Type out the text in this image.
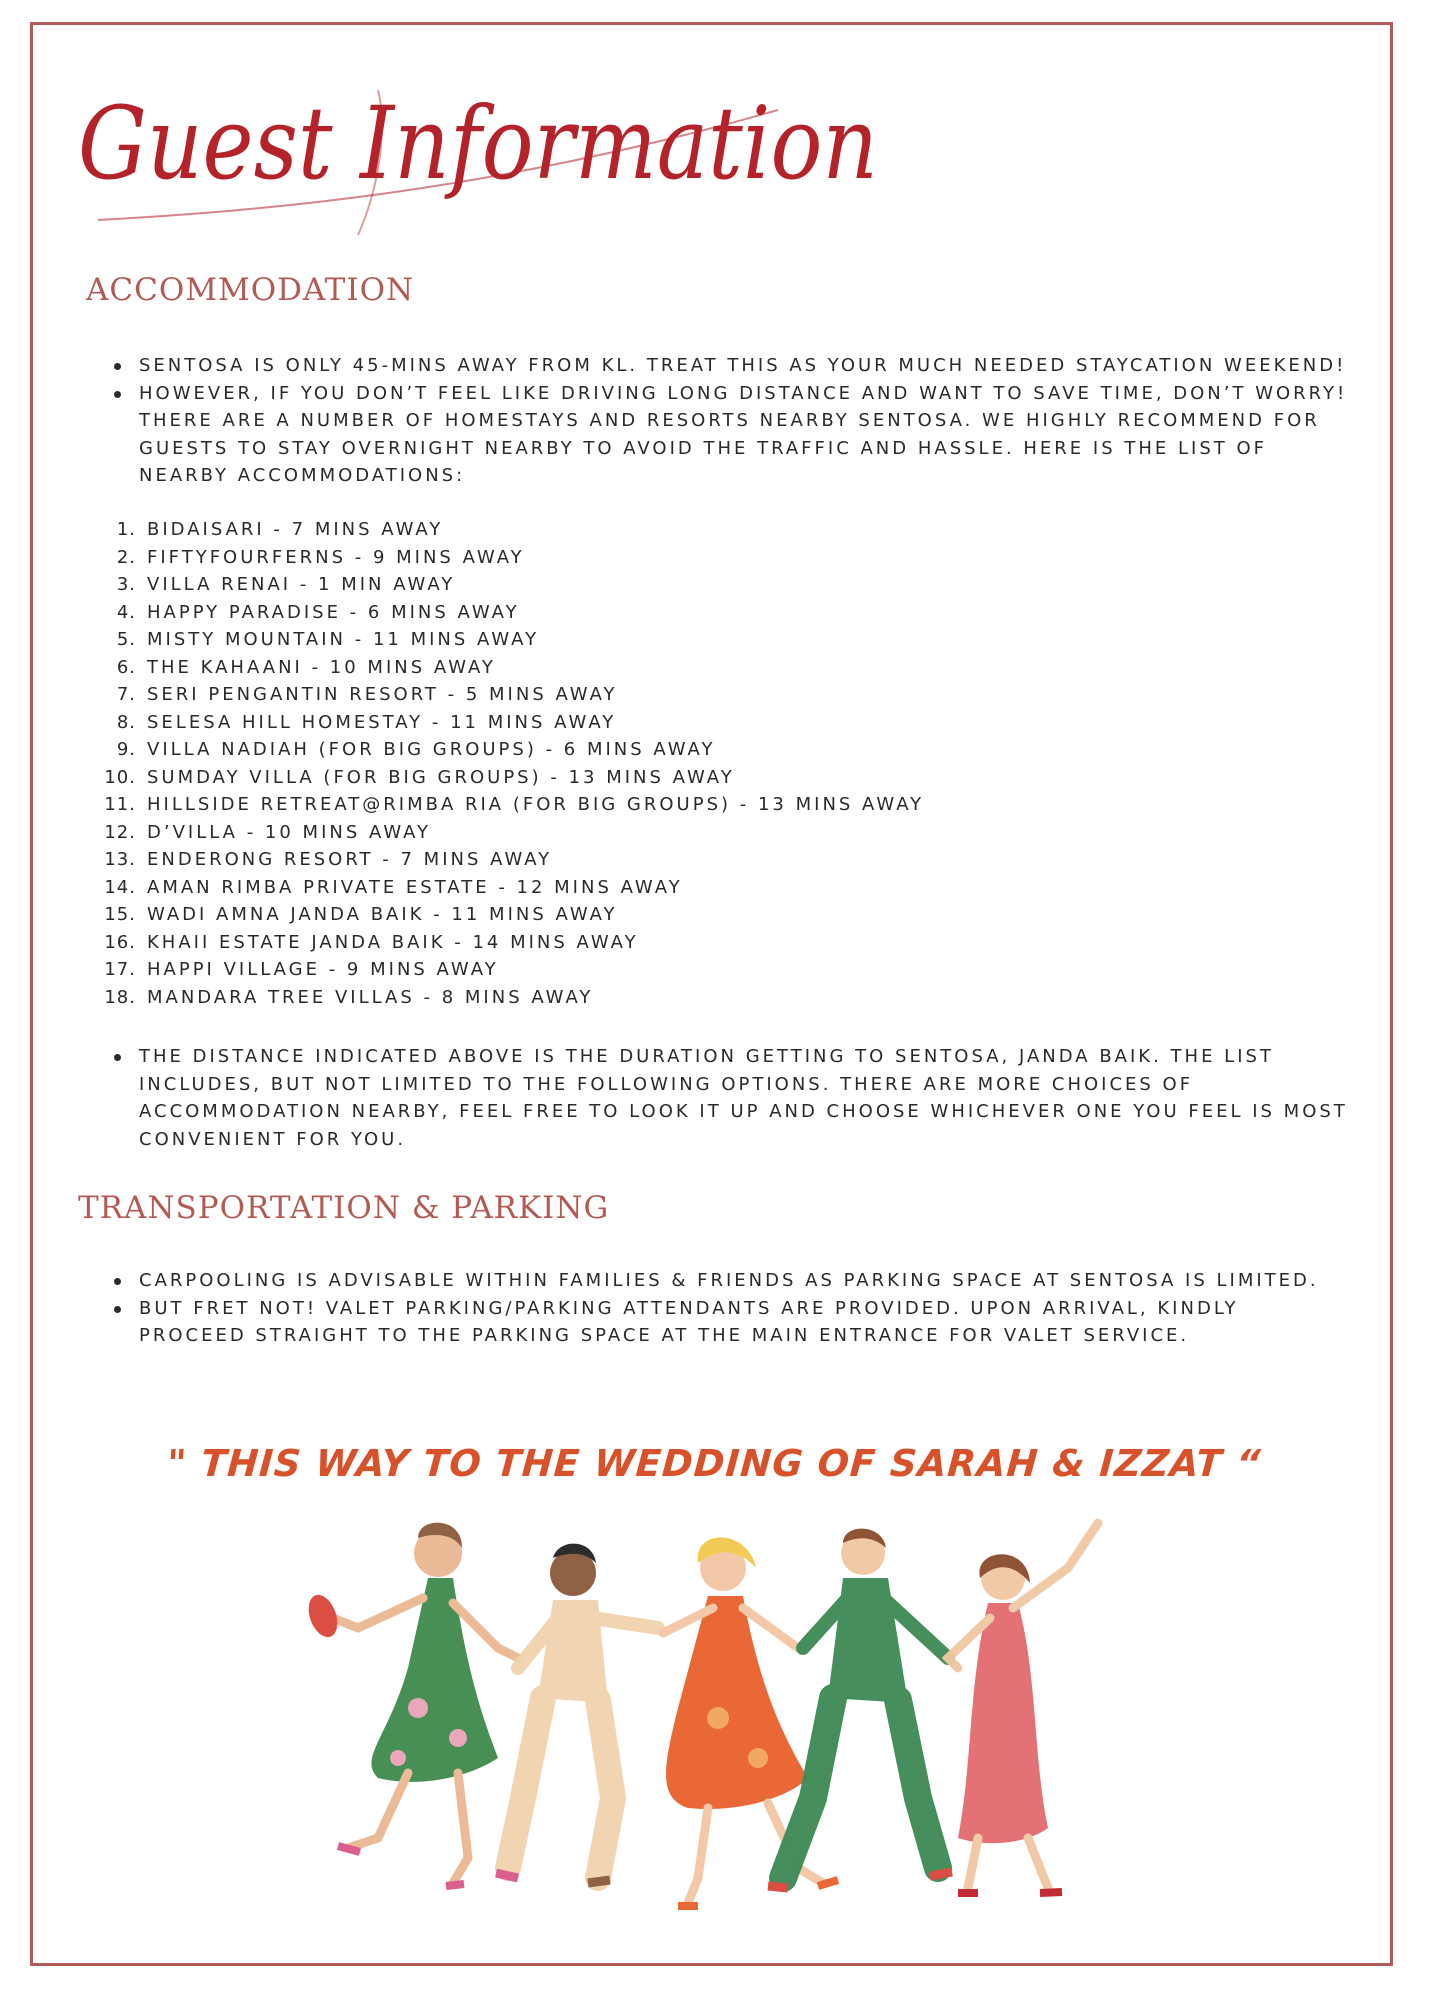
Guest Information
ACCOMMODATION
SENTOSA IS ONLY 45-MINS AWAY FROM KL. TREAT THIS AS YOUR MUCH NEEDED STAYCATION WEEKEND!
HOWEVER, IF YOU DON’T FEEL LIKE DRIVING LONG DISTANCE AND WANT TO SAVE TIME, DON’T WORRY! THERE ARE A NUMBER OF HOMESTAYS AND RESORTS NEARBY SENTOSA. WE HIGHLY RECOMMEND FOR GUESTS TO STAY OVERNIGHT NEARBY TO AVOID THE TRAFFIC AND HASSLE. HERE IS THE LIST OF NEARBY ACCOMMODATIONS:
1. BIDAISARI - 7 MINS AWAY
2. FIFTYFOURFERNS - 9 MINS AWAY
3. VILLA RENAI - 1 MIN AWAY
4. HAPPY PARADISE - 6 MINS AWAY
5. MISTY MOUNTAIN - 11 MINS AWAY
6. THE KAHAANI - 10 MINS AWAY
7. SERI PENGANTIN RESORT - 5 MINS AWAY
8. SELESA HILL HOMESTAY - 11 MINS AWAY
9. VILLA NADIAH (FOR BIG GROUPS) - 6 MINS AWAY
10. SUMDAY VILLA (FOR BIG GROUPS) - 13 MINS AWAY
11. HILLSIDE RETREAT@RIMBA RIA (FOR BIG GROUPS) - 13 MINS AWAY
12. D’VILLA - 10 MINS AWAY
13. ENDERONG RESORT - 7 MINS AWAY
14. AMAN RIMBA PRIVATE ESTATE - 12 MINS AWAY
15. WADI AMNA JANDA BAIK - 11 MINS AWAY
16. KHAII ESTATE JANDA BAIK - 14 MINS AWAY
17. HAPPI VILLAGE - 9 MINS AWAY
18. MANDARA TREE VILLAS - 8 MINS AWAY
THE DISTANCE INDICATED ABOVE IS THE DURATION GETTING TO SENTOSA, JANDA BAIK. THE LIST INCLUDES, BUT NOT LIMITED TO THE FOLLOWING OPTIONS. THERE ARE MORE CHOICES OF ACCOMMODATION NEARBY, FEEL FREE TO LOOK IT UP AND CHOOSE WHICHEVER ONE YOU FEEL IS MOST CONVENIENT FOR YOU.
TRANSPORTATION & PARKING
CARPOOLING IS ADVISABLE WITHIN FAMILIES & FRIENDS AS PARKING SPACE AT SENTOSA IS LIMITED.
BUT FRET NOT! VALET PARKING/PARKING ATTENDANTS ARE PROVIDED. UPON ARRIVAL, KINDLY PROCEED STRAIGHT TO THE PARKING SPACE AT THE MAIN ENTRANCE FOR VALET SERVICE.

" THIS WAY TO THE WEDDING OF SARAH & IZZAT “
